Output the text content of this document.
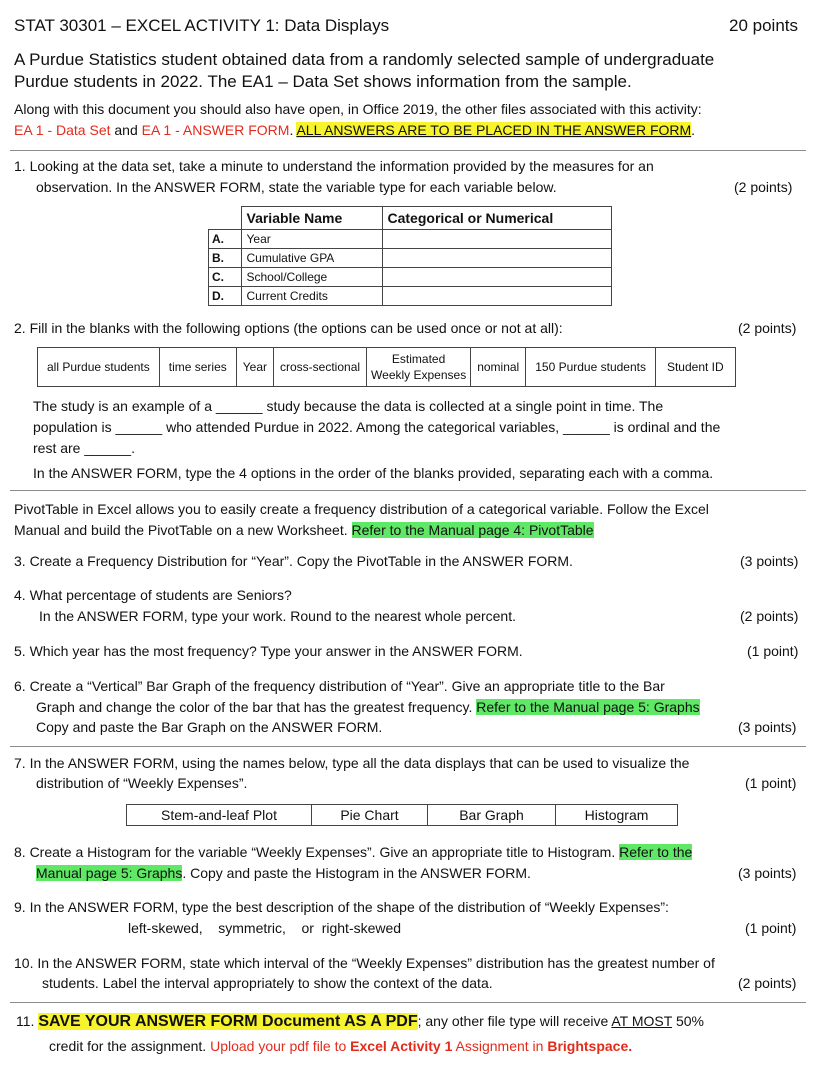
STAT 30301 – EXCEL ACTIVITY 1: Data Displays	20 points
A Purdue Statistics student obtained data from a randomly selected sample of undergraduate
Purdue students in 2022. The EA1 – Data Set shows information from the sample.
Along with this document you should also have open, in Office 2019, the other files associated with this activity:
EA 1 - Data Set and EA 1 - ANSWER FORM. ALL ANSWERS ARE TO BE PLACED IN THE ANSWER FORM.
1. Looking at the data set, take a minute to understand the information provided by the measures for an
observation. In the ANSWER FORM, state the variable type for each variable below.	(2 points)
	Variable Name	Categorical or Numerical
A.	Year	
B.	Cumulative GPA	
C.	School/College	
D.	Current Credits	
2. Fill in the blanks with the following options (the options can be used once or not at all):	(2 points)
all Purdue students	time series	Year	cross-sectional	Estimated
Weekly Expenses	nominal	150 Purdue students	Student ID
The study is an example of a ______ study because the data is collected at a single point in time. The
population is ______ who attended Purdue in 2022. Among the categorical variables, ______ is ordinal and the
rest are ______.
In the ANSWER FORM, type the 4 options in the order of the blanks provided, separating each with a comma.
PivotTable in Excel allows you to easily create a frequency distribution of a categorical variable. Follow the Excel
Manual and build the PivotTable on a new Worksheet. Refer to the Manual page 4: PivotTable
3. Create a Frequency Distribution for “Year”. Copy the PivotTable in the ANSWER FORM.	(3 points)
4. What percentage of students are Seniors?
In the ANSWER FORM, type your work. Round to the nearest whole percent.	(2 points)
5. Which year has the most frequency? Type your answer in the ANSWER FORM.	(1 point)
6. Create a “Vertical” Bar Graph of the frequency distribution of “Year”. Give an appropriate title to the Bar
Graph and change the color of the bar that has the greatest frequency. Refer to the Manual page 5: Graphs
Copy and paste the Bar Graph on the ANSWER FORM.	(3 points)
7. In the ANSWER FORM, using the names below, type all the data displays that can be used to visualize the
distribution of “Weekly Expenses”.	(1 point)
Stem-and-leaf Plot	Pie Chart	Bar Graph	Histogram
8. Create a Histogram for the variable “Weekly Expenses”. Give an appropriate title to Histogram. Refer to the
Manual page 5: Graphs. Copy and paste the Histogram in the ANSWER FORM.	(3 points)
9. In the ANSWER FORM, type the best description of the shape of the distribution of “Weekly Expenses”:
left-skewed,    symmetric,    or  right-skewed	(1 point)
10. In the ANSWER FORM, state which interval of the “Weekly Expenses” distribution has the greatest number of
students. Label the interval appropriately to show the context of the data.	(2 points)
11. SAVE YOUR ANSWER FORM Document AS A PDF; any other file type will receive AT MOST 50%
credit for the assignment. Upload your pdf file to Excel Activity 1 Assignment in Brightspace.
